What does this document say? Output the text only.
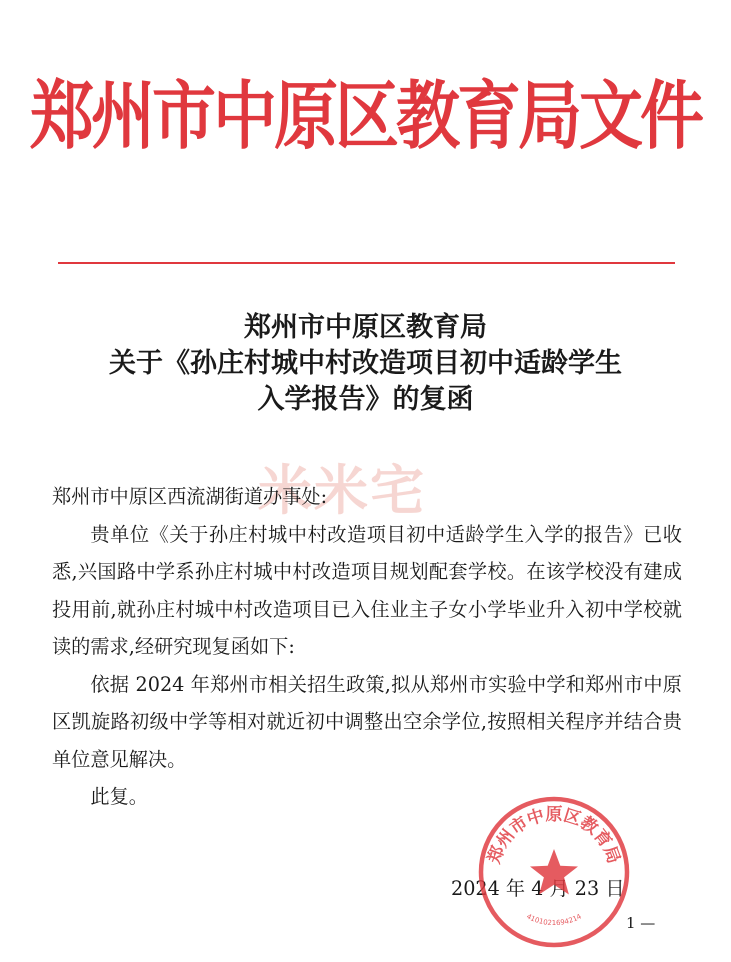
郑州市中原区教育局文件
郑州市中原区教育局
关于《孙庄村城中村改造项目初中适龄学生
入学报告》的复函
米米宅

郑州市中原区西流湖街道办事处:

贵单位《关于孙庄村城中村改造项目初中适龄学生入学的报告》已收悉,兴国路中学系孙庄村城中村改造项目规划配套学校。在该学校没有建成投用前,就孙庄村城中村改造项目已入住业主子女小学毕业升入初中学校就读的需求,经研究现复函如下:

依据 2024 年郑州市相关招生政策,拟从郑州市实验中学和郑州市中原区凯旋路初级中学等相对就近初中调整出空余学位,按照相关程序并结合贵单位意见解决。

此复。

2024 年 4 月 23 日
郑州市中原区教育局
4101021694214	1 —
